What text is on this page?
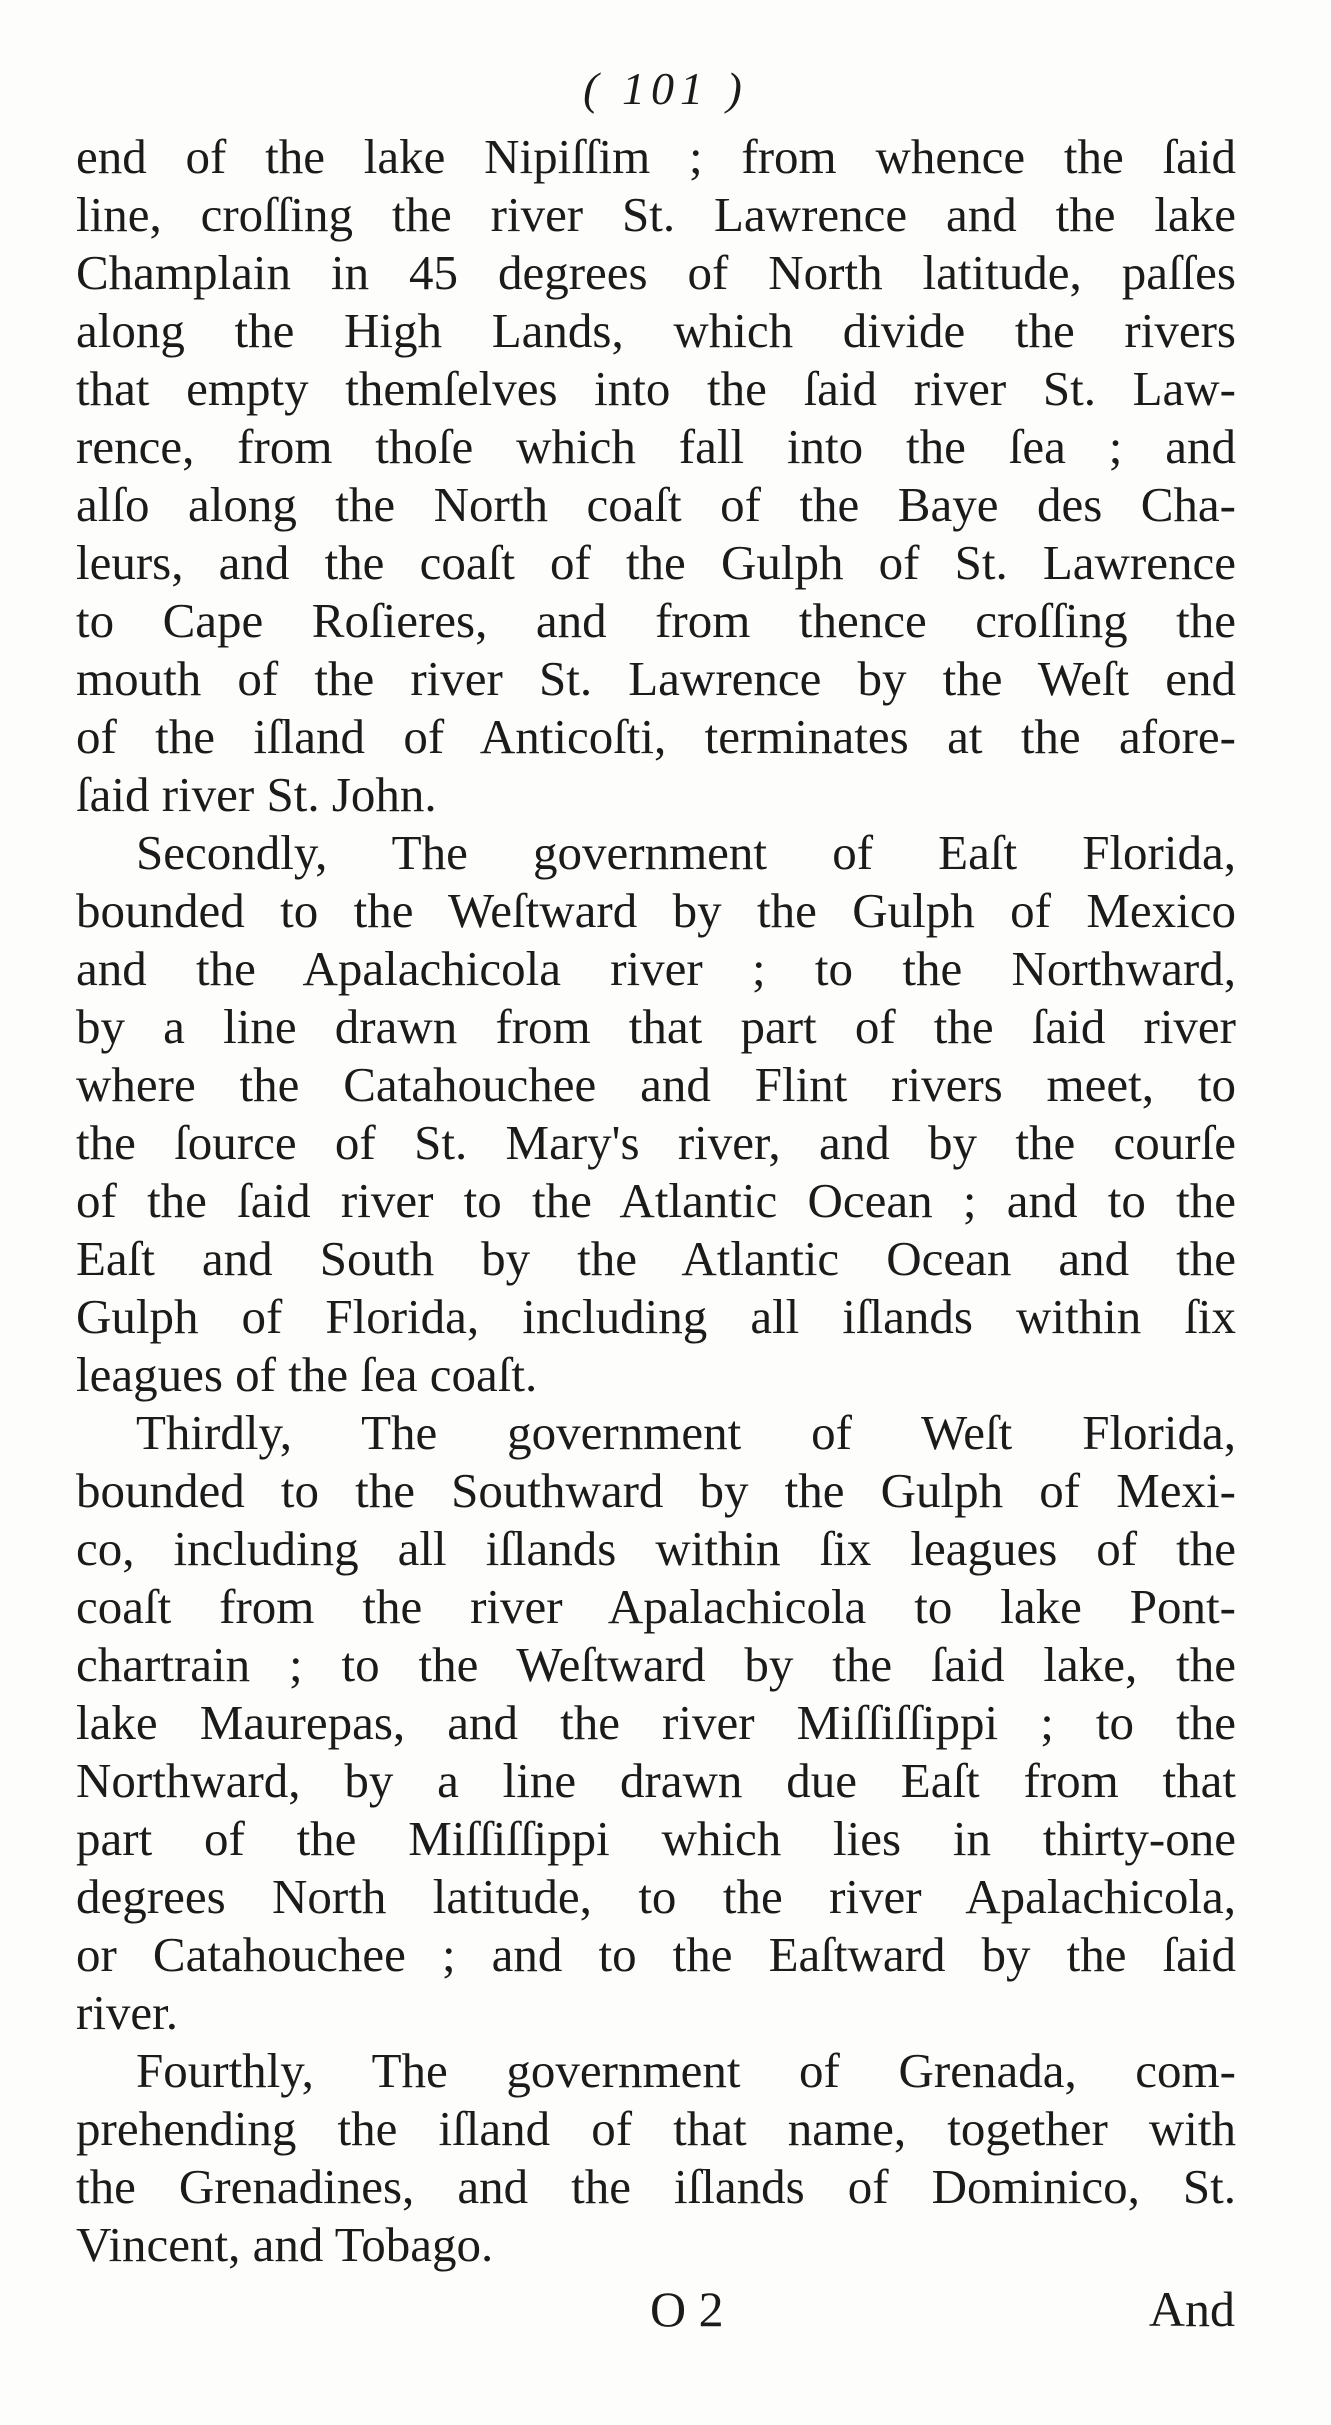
( 101 )
end of the lake Nipiſſim ; from whence the ſaid
line, croſſing the river St. Lawrence and the lake
Champlain in 45 degrees of North latitude, paſſes
along the High Lands, which divide the rivers
that empty themſelves into the ſaid river St. Law-
rence, from thoſe which fall into the ſea ; and
alſo along the North coaſt of the Baye des Cha-
leurs, and the coaſt of the Gulph of St. Lawrence
to Cape Roſieres, and from thence croſſing the
mouth of the river St. Lawrence by the Weſt end
of the iſland of Anticoſti, terminates at the afore-
ſaid river St. John.
Secondly, The government of Eaſt Florida,
bounded to the Weſtward by the Gulph of Mexico
and the Apalachicola river ; to the Northward,
by a line drawn from that part of the ſaid river
where the Catahouchee and Flint rivers meet, to
the ſource of St. Mary's river, and by the courſe
of the ſaid river to the Atlantic Ocean ; and to the
Eaſt and South by the Atlantic Ocean and the
Gulph of Florida, including all iſlands within ſix
leagues of the ſea coaſt.
Thirdly, The government of Weſt Florida,
bounded to the Southward by the Gulph of Mexi-
co, including all iſlands within ſix leagues of the
coaſt from the river Apalachicola to lake Pont-
chartrain ; to the Weſtward by the ſaid lake, the
lake Maurepas, and the river Miſſiſſippi ; to the
Northward, by a line drawn due Eaſt from that
part of the Miſſiſſippi which lies in thirty-one
degrees North latitude, to the river Apalachicola,
or Catahouchee ; and to the Eaſtward by the ſaid
river.
Fourthly, The government of Grenada, com-
prehending the iſland of that name, together with
the Grenadines, and the iſlands of Dominico, St.
Vincent, and Tobago.
O 2	And
